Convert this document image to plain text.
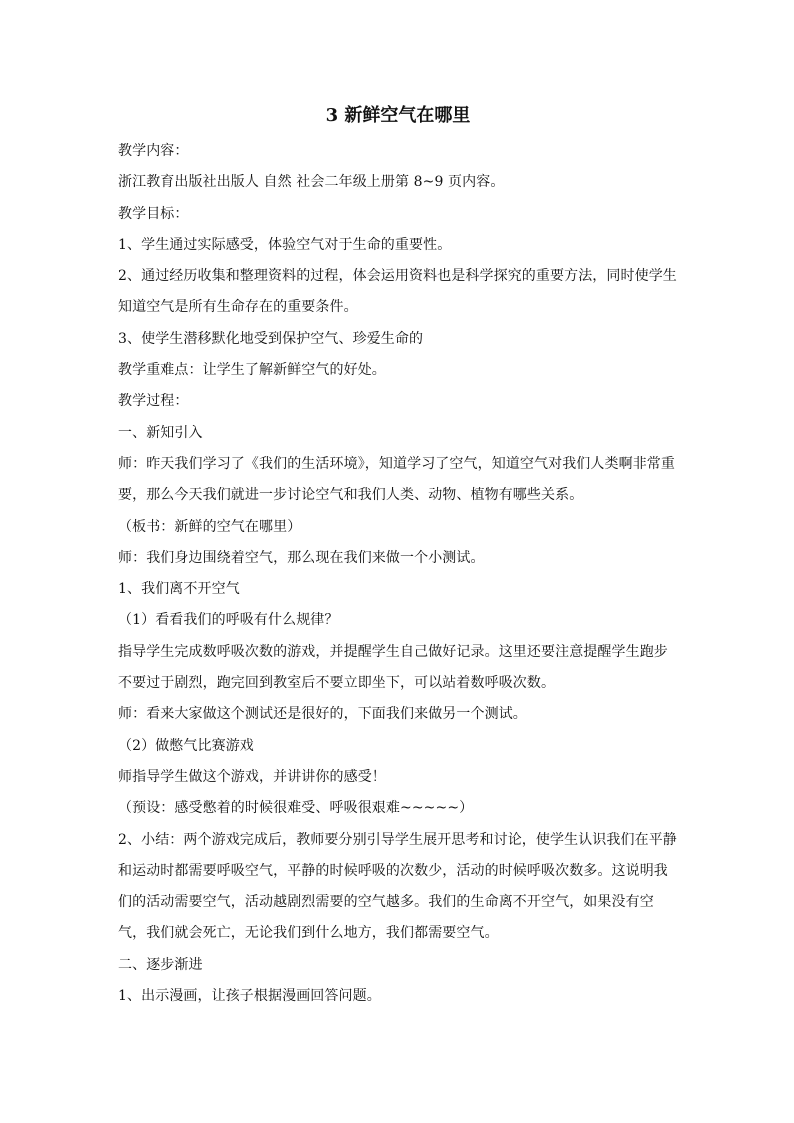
3 新鲜空气在哪里

教学内容：

浙江教育出版社出版人 自然 社会二年级上册第 8~9 页内容。

教学目标：

1、学生通过实际感受，体验空气对于生命的重要性。

2、通过经历收集和整理资料的过程，体会运用资料也是科学探究的重要方法，同时使学生知道空气是所有生命存在的重要条件。

3、使学生潜移默化地受到保护空气、珍爱生命的

教学重难点：让学生了解新鲜空气的好处。

教学过程：

一、新知引入

师：昨天我们学习了《我们的生活环境》，知道学习了空气，知道空气对我们人类啊非常重要，那么今天我们就进一步讨论空气和我们人类、动物、植物有哪些关系。

（板书：新鲜的空气在哪里）

师：我们身边围绕着空气，那么现在我们来做一个小测试。

1、我们离不开空气

（1）看看我们的呼吸有什么规律？

指导学生完成数呼吸次数的游戏，并提醒学生自己做好记录。这里还要注意提醒学生跑步不要过于剧烈，跑完回到教室后不要立即坐下，可以站着数呼吸次数。

师：看来大家做这个测试还是很好的，下面我们来做另一个测试。

（2）做憋气比赛游戏

师指导学生做这个游戏，并讲讲你的感受！

（预设：感受憋着的时候很难受、呼吸很艰难~~~~~）

2、小结：两个游戏完成后，教师要分别引导学生展开思考和讨论，使学生认识我们在平静和运动时都需要呼吸空气，平静的时候呼吸的次数少，活动的时候呼吸次数多。这说明我们的活动需要空气，活动越剧烈需要的空气越多。我们的生命离不开空气，如果没有空气，我们就会死亡，无论我们到什么地方，我们都需要空气。

二、逐步渐进

1、出示漫画，让孩子根据漫画回答问题。
